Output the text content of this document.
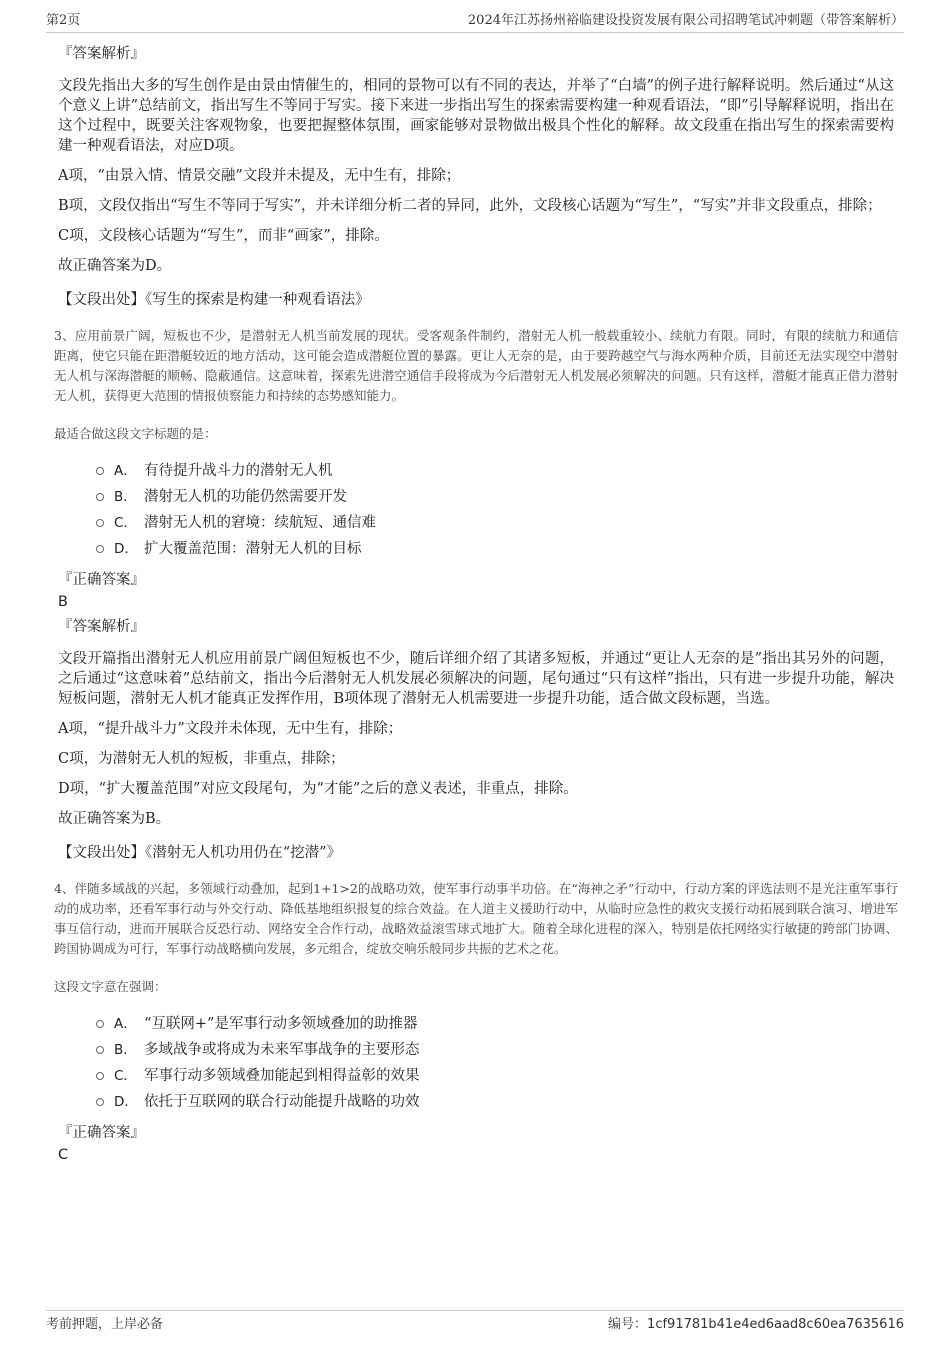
第2页	2024年江苏扬州裕临建设投资发展有限公司招聘笔试冲刺题（带答案解析）
『答案解析』

文段先指出大多的写生创作是由景由情催生的，相同的景物可以有不同的表达，并举了“白墙”的例子进行解释说明。然后通过“从这个意义上讲”总结前文，指出写生不等同于写实。接下来进一步指出写生的探索需要构建一种观看语法，“即”引导解释说明，指出在这个过程中，既要关注客观物象，也要把握整体氛围，画家能够对景物做出极具个性化的解释。故文段重在指出写生的探索需要构建一种观看语法，对应D项。

A项，“由景入情、情景交融”文段并未提及，无中生有，排除；

B项，文段仅指出“写生不等同于写实”，并未详细分析二者的异同，此外，文段核心话题为“写生”，“写实”并非文段重点，排除；

C项，文段核心话题为“写生”，而非“画家”，排除。

故正确答案为D。

【文段出处】《写生的探索是构建一种观看语法》

3、应用前景广阔，短板也不少，是潜射无人机当前发展的现状。受客观条件制约，潜射无人机一般载重较小、续航力有限。同时，有限的续航力和通信距离，使它只能在距潜艇较近的地方活动，这可能会造成潜艇位置的暴露。更让人无奈的是，由于要跨越空气与海水两种介质，目前还无法实现空中潜射无人机与深海潜艇的顺畅、隐蔽通信。这意味着，探索先进潜空通信手段将成为今后潜射无人机发展必须解决的问题。只有这样，潜艇才能真正借力潜射无人机，获得更大范围的情报侦察能力和持续的态势感知能力。

最适合做这段文字标题的是：

A． 有待提升战斗力的潜射无人机
B． 潜射无人机的功能仍然需要开发
C． 潜射无人机的窘境：续航短、通信难
D． 扩大覆盖范围：潜射无人机的目标
『正确答案』
B
『答案解析』

文段开篇指出潜射无人机应用前景广阔但短板也不少，随后详细介绍了其诸多短板，并通过“更让人无奈的是”指出其另外的问题，之后通过“这意味着”总结前文，指出今后潜射无人机发展必须解决的问题，尾句通过“只有这样”指出，只有进一步提升功能，解决短板问题，潜射无人机才能真正发挥作用，B项体现了潜射无人机需要进一步提升功能，适合做文段标题，当选。

A项，“提升战斗力”文段并未体现，无中生有，排除；

C项，为潜射无人机的短板，非重点，排除；

D项，“扩大覆盖范围”对应文段尾句，为“才能”之后的意义表述，非重点，排除。

故正确答案为B。

【文段出处】《潜射无人机功用仍在“挖潜”》

4、伴随多域战的兴起，多领域行动叠加，起到1+1>2的战略功效，使军事行动事半功倍。在“海神之矛”行动中，行动方案的评选法则不是光注重军事行动的成功率，还看军事行动与外交行动、降低基地组织报复的综合效益。在人道主义援助行动中，从临时应急性的救灾支援行动拓展到联合演习、增进军事互信行动，进而开展联合反恐行动、网络安全合作行动，战略效益滚雪球式地扩大。随着全球化进程的深入，特别是依托网络实行敏捷的跨部门协调、跨国协调成为可行，军事行动战略横向发展，多元组合，绽放交响乐般同步共振的艺术之花。

这段文字意在强调：

A． “互联网+”是军事行动多领域叠加的助推器
B． 多域战争或将成为未来军事战争的主要形态
C． 军事行动多领域叠加能起到相得益彰的效果
D． 依托于互联网的联合行动能提升战略的功效
『正确答案』
C
考前押题，上岸必备	编号：1cf91781b41e4ed6aad8c60ea7635616
